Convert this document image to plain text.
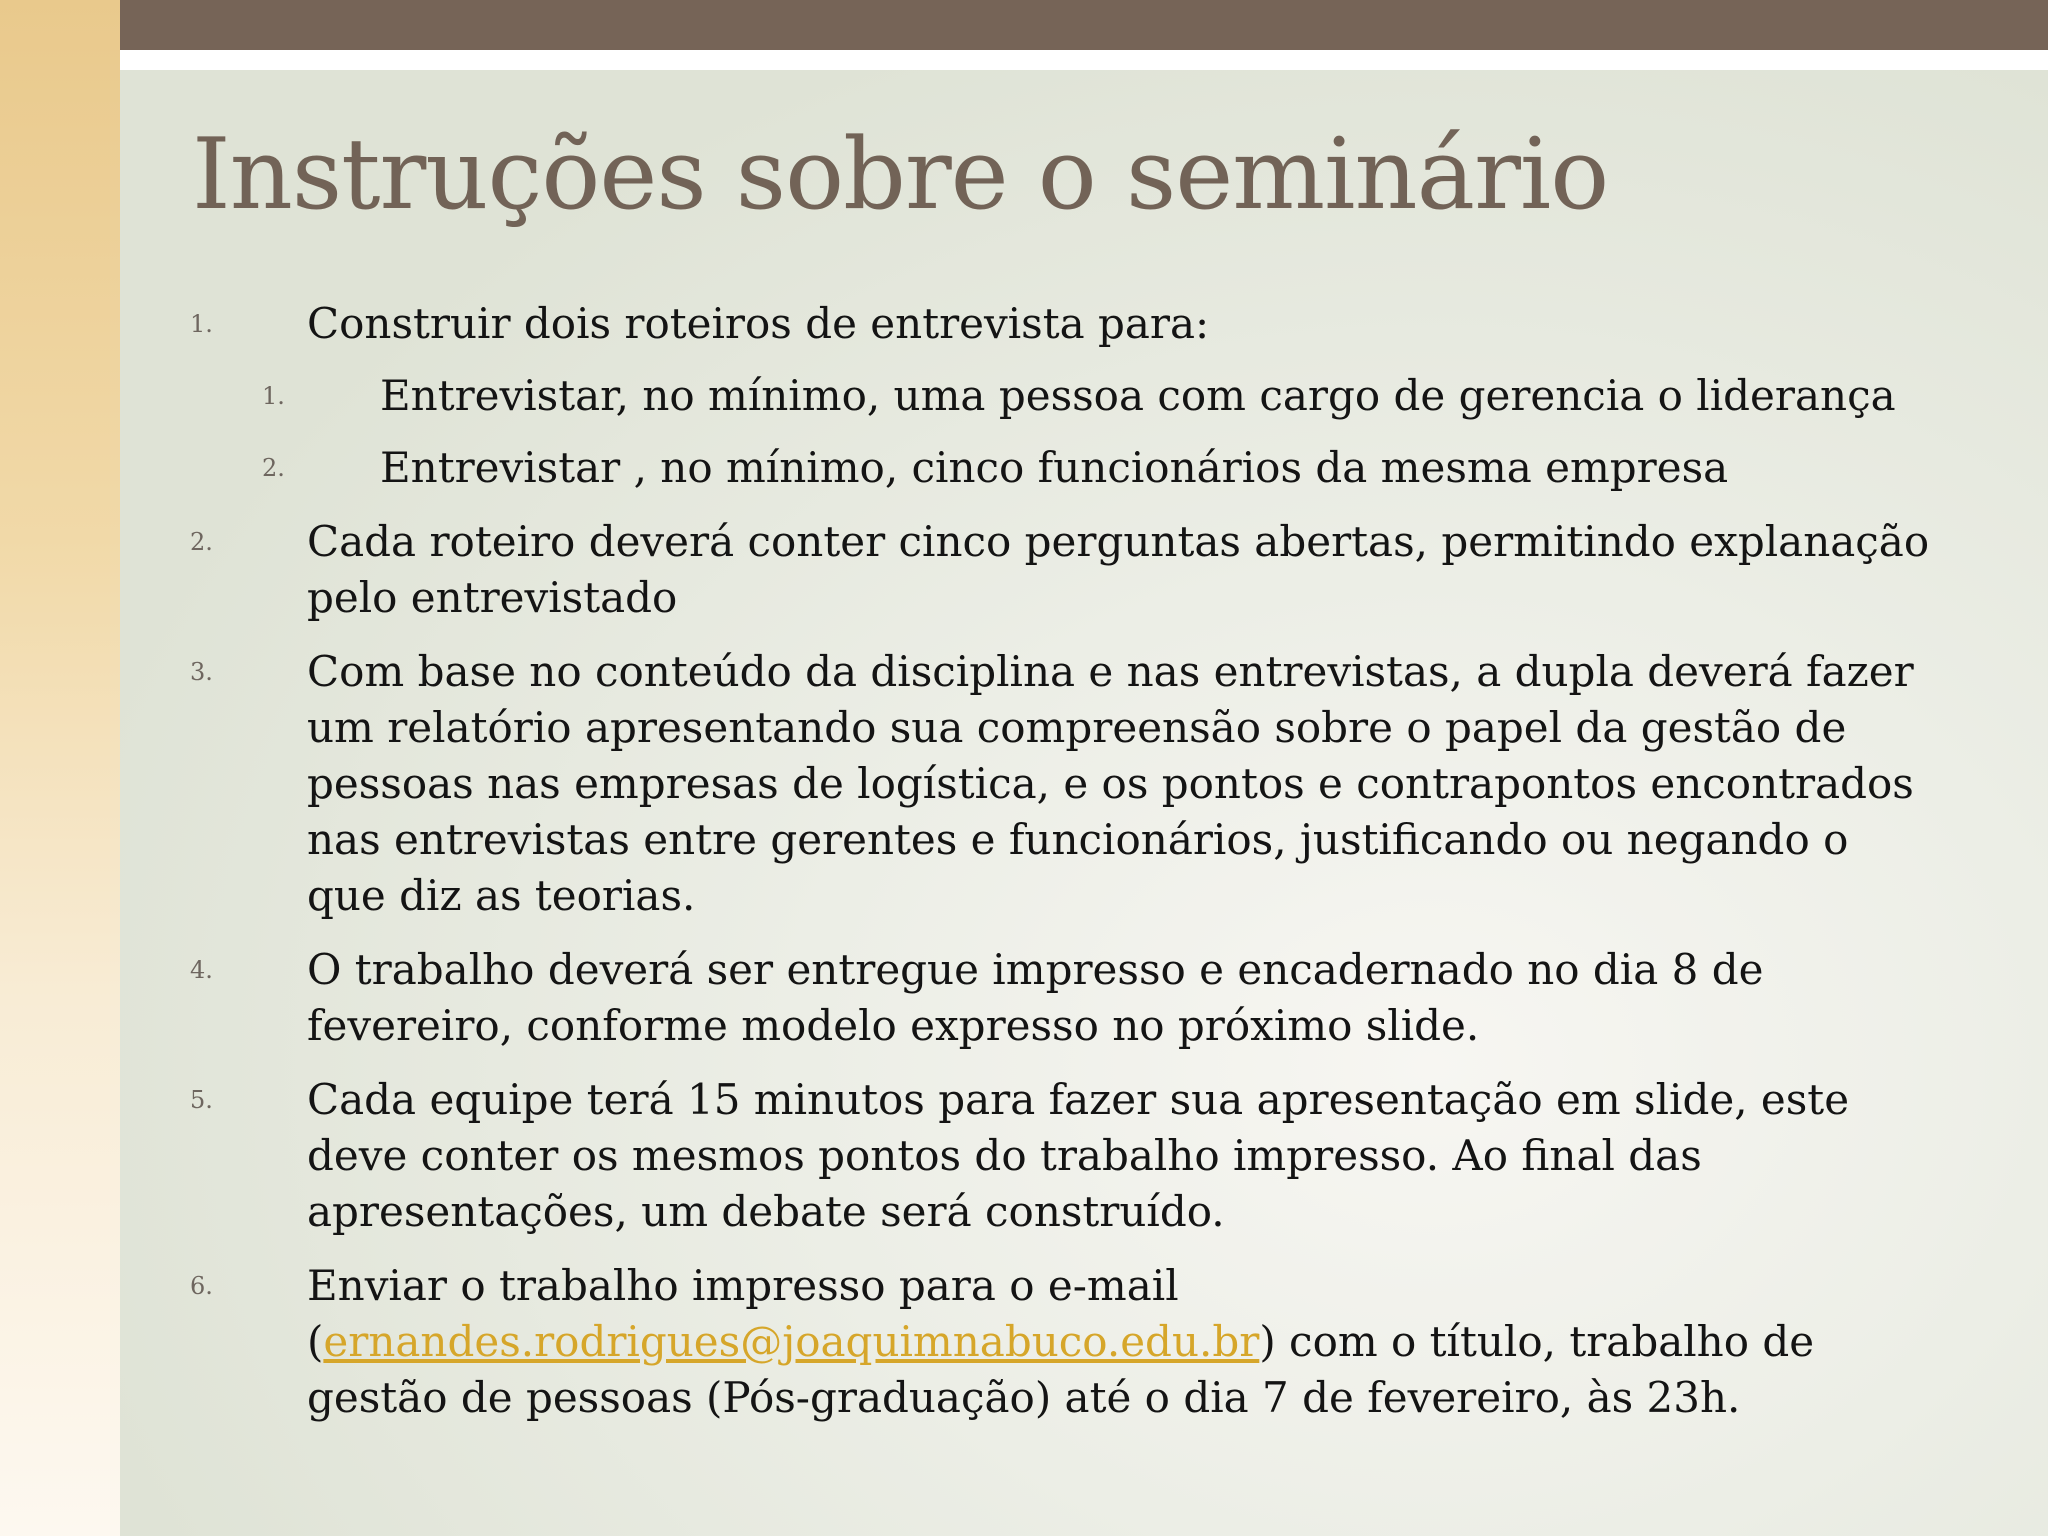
Instruções sobre o seminário
1. Construir dois roteiros de entrevista para:
1. Entrevistar, no mínimo, uma pessoa com cargo de gerencia o liderança
2. Entrevistar , no mínimo, cinco funcionários da mesma empresa
2. Cada roteiro deverá conter cinco perguntas abertas, permitindo explanação pelo entrevistado
3. Com base no conteúdo da disciplina e nas entrevistas, a dupla deverá fazer um relatório apresentando sua compreensão sobre o papel da gestão de pessoas nas empresas de logística, e os pontos e contrapontos encontrados nas entrevistas entre gerentes e funcionários, justificando ou negando o que diz as teorias.
4. O trabalho deverá ser entregue impresso e encadernado no dia 8 de fevereiro, conforme modelo expresso no próximo slide.
5. Cada equipe terá 15 minutos para fazer sua apresentação em slide, este deve conter os mesmos pontos do trabalho impresso. Ao final das apresentações, um debate será construído.
6. Enviar o trabalho impresso para o e-mail (ernandes.rodrigues@joaquimnabuco.edu.br) com o título, trabalho de gestão de pessoas (Pós-graduação) até o dia 7 de fevereiro, às 23h.
